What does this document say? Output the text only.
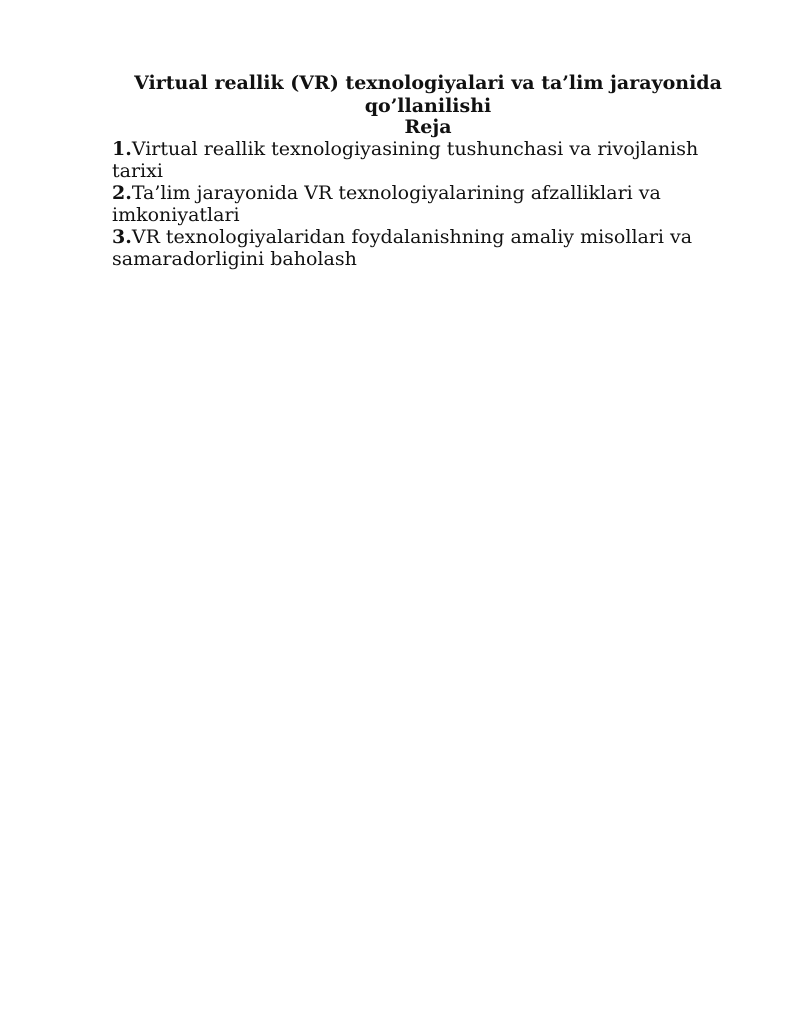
Virtual reallik (VR) texnologiyalari va ta’lim jarayonida qo’llanilishi
Reja

1.Virtual reallik texnologiyasining tushunchasi va rivojlanish tarixi

2.Ta’lim jarayonida VR texnologiyalarining afzalliklari va imkoniyatlari

3.VR texnologiyalaridan foydalanishning amaliy misollari va samaradorligini baholash
